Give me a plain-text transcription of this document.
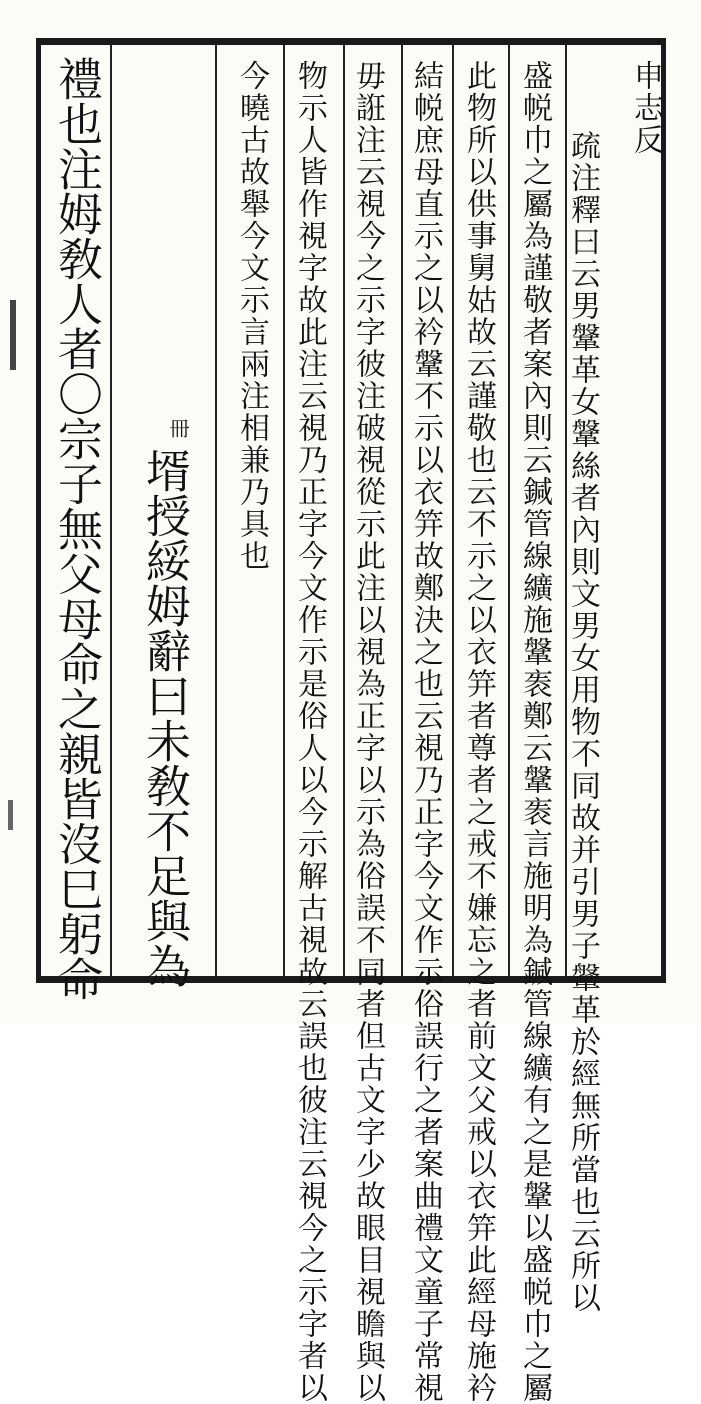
申志反
疏注釋曰云男鞶革女鞶絲者內則文男女用物不同故并引男子鞶革於經無所當也云所以
盛帨巾之屬為謹敬者案內則云鍼管線纊施鞶袠鄭云鞶袠言施明為鍼管線纊有之是鞶以盛帨巾之屬
此物所以供事舅姑故云謹敬也云不示之以衣笄者尊者之戒不嫌忘之者前文父戒以衣笄此經母施衿
結帨庶母直示之以衿鞶不示以衣笄故鄭決之也云視乃正字今文作示俗誤行之者案曲禮文童子常視
毋誑注云視今之示字彼注破視從示此注以視為正字以示為俗誤不同者但古文字少故眼目視瞻與以
物示人皆作視字故此注云視乃正字今文作示是俗人以今示解古視故云誤也彼注云視今之示字者以
今曉古故舉今文示言兩注相兼乃具也
冊
壻授綏姆辭曰未敎不足與為
禮也注姆敎人者〇宗子無父母命之親皆沒巳躬命
